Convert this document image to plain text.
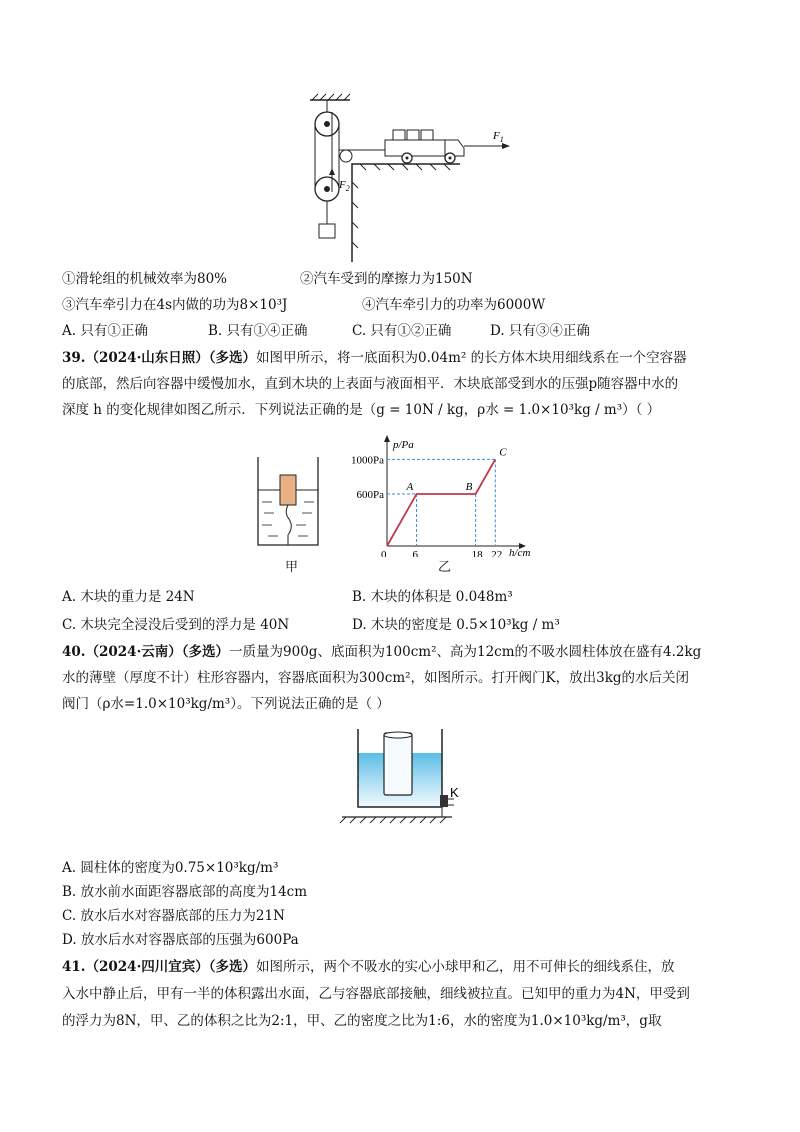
$F_2$
$F_1$
①滑轮组的机械效率为80%	②汽车受到的摩擦力为150N
③汽车牵引力在4s内做的功为8×10³J	④汽车牵引力的功率为6000W
A. 只有①正确	B. 只有①④正确	C. 只有①②正确	D. 只有③④正确
39.（2024·山东日照）（多选）如图甲所示，将一底面积为0.04m² 的长方体木块用细线系在一个空容器
的底部，然后向容器中缓慢加水，直到木块的上表面与液面相平．木块底部受到水的压强p随容器中水的
深度 h 的变化规律如图乙所示．下列说法正确的是（g = 10N / kg，ρ水 = 1.0×10³kg / m³）（ ）
甲
p/Pa
h/cm
A	B
C
0 6	18 22
600Pa
1000Pa
乙
A. 木块的重力是 24N	B. 木块的体积是 0.048m³
C. 木块完全浸没后受到的浮力是 40N	D. 木块的密度是 0.5×10³kg / m³
40.（2024·云南）（多选）一质量为900g、底面积为100cm²、高为12cm的不吸水圆柱体放在盛有4.2kg
水的薄壁（厚度不计）柱形容器内，容器底面积为300cm²，如图所示。打开阀门K，放出3kg的水后关闭
阀门（ρ水=1.0×10³kg/m³）。下列说法正确的是（ ）
K
A. 圆柱体的密度为0.75×10³kg/m³
B. 放水前水面距容器底部的高度为14cm
C. 放水后水对容器底部的压力为21N
D. 放水后水对容器底部的压强为600Pa
41.（2024·四川宜宾）（多选）如图所示，两个不吸水的实心小球甲和乙，用不可伸长的细线系住，放
入水中静止后，甲有一半的体积露出水面，乙与容器底部接触，细线被拉直。已知甲的重力为4N，甲受到
的浮力为8N，甲、乙的体积之比为2:1，甲、乙的密度之比为1:6，水的密度为1.0×10³kg/m³，g取
